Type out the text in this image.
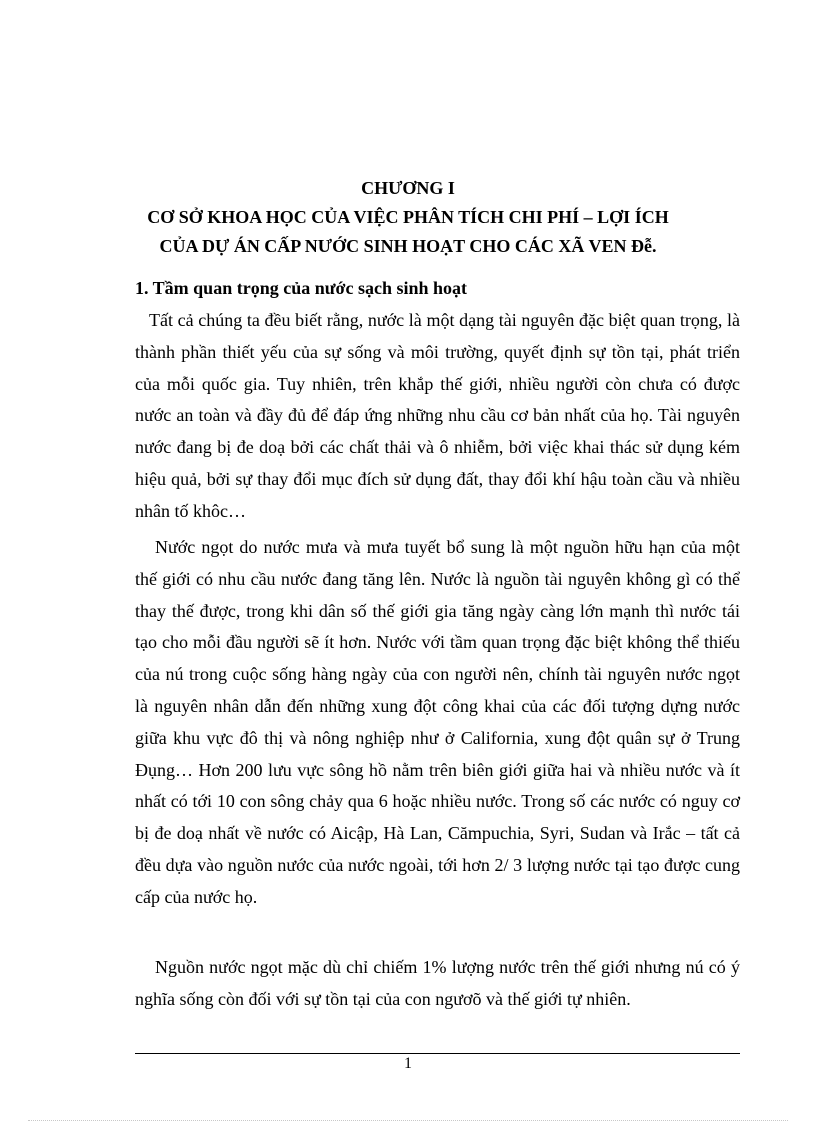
CHƯƠNG I
CƠ SỞ KHOA HỌC CỦA VIỆC PHÂN TÍCH CHI PHÍ – LỢI ÍCH
CỦA DỰ ÁN CẤP NƯỚC SINH HOẠT CHO CÁC XÃ VEN Đễ.
1. Tầm quan trọng của nước sạch sinh hoạt

Tất cả chúng ta đều biết rằng, nước là một dạng tài nguyên đặc biệt quan trọng, là thành phần thiết yếu của sự sống và môi trường, quyết định sự tồn tại, phát triển của mỗi quốc gia. Tuy nhiên, trên khắp thế giới, nhiều người còn chưa có được nước an toàn và đầy đủ để đáp ứng những nhu cầu cơ bản nhất của họ. Tài nguyên nước đang bị đe doạ bởi các chất thải và ô nhiễm, bởi việc khai thác sử dụng kém hiệu quả, bởi sự thay đổi mục đích sử dụng đất, thay đổi khí hậu toàn cầu và nhiều nhân tố khôc…

Nước ngọt do nước mưa và mưa tuyết bổ sung là một nguồn hữu hạn của một thế giới có nhu cầu nước đang tăng lên. Nước là nguồn tài nguyên không gì có thể thay thế được, trong khi dân số thế giới gia tăng ngày càng lớn mạnh thì nước tái tạo cho mỗi đầu người sẽ ít hơn. Nước với tầm quan trọng đặc biệt không thể thiếu của nú trong cuộc sống hàng ngày của con người nên, chính tài nguyên nước ngọt là nguyên nhân dẫn đến những xung đột công khai của các đối tượng dựng nước giữa khu vực đô thị và nông nghiệp như ở California, xung đột quân sự ở Trung Đụng… Hơn 200 lưu vực sông hồ nằm trên biên giới giữa hai và nhiều nước và ít nhất có tới 10 con sông chảy qua 6 hoặc nhiều nước. Trong số các nước có nguy cơ bị đe doạ nhất về nước có Aicập, Hà Lan, Cămpuchia, Syri, Sudan và Irắc – tất cả đều dựa vào nguồn nước của nước ngoài, tới hơn 2/ 3 lượng nước tại tạo được cung cấp của nước họ.

Nguồn nước ngọt mặc dù chỉ chiếm 1% lượng nước trên thế giới nhưng nú có ý nghĩa sống còn đối với sự tồn tại của con ngươõ và thế giới tự nhiên.

1
